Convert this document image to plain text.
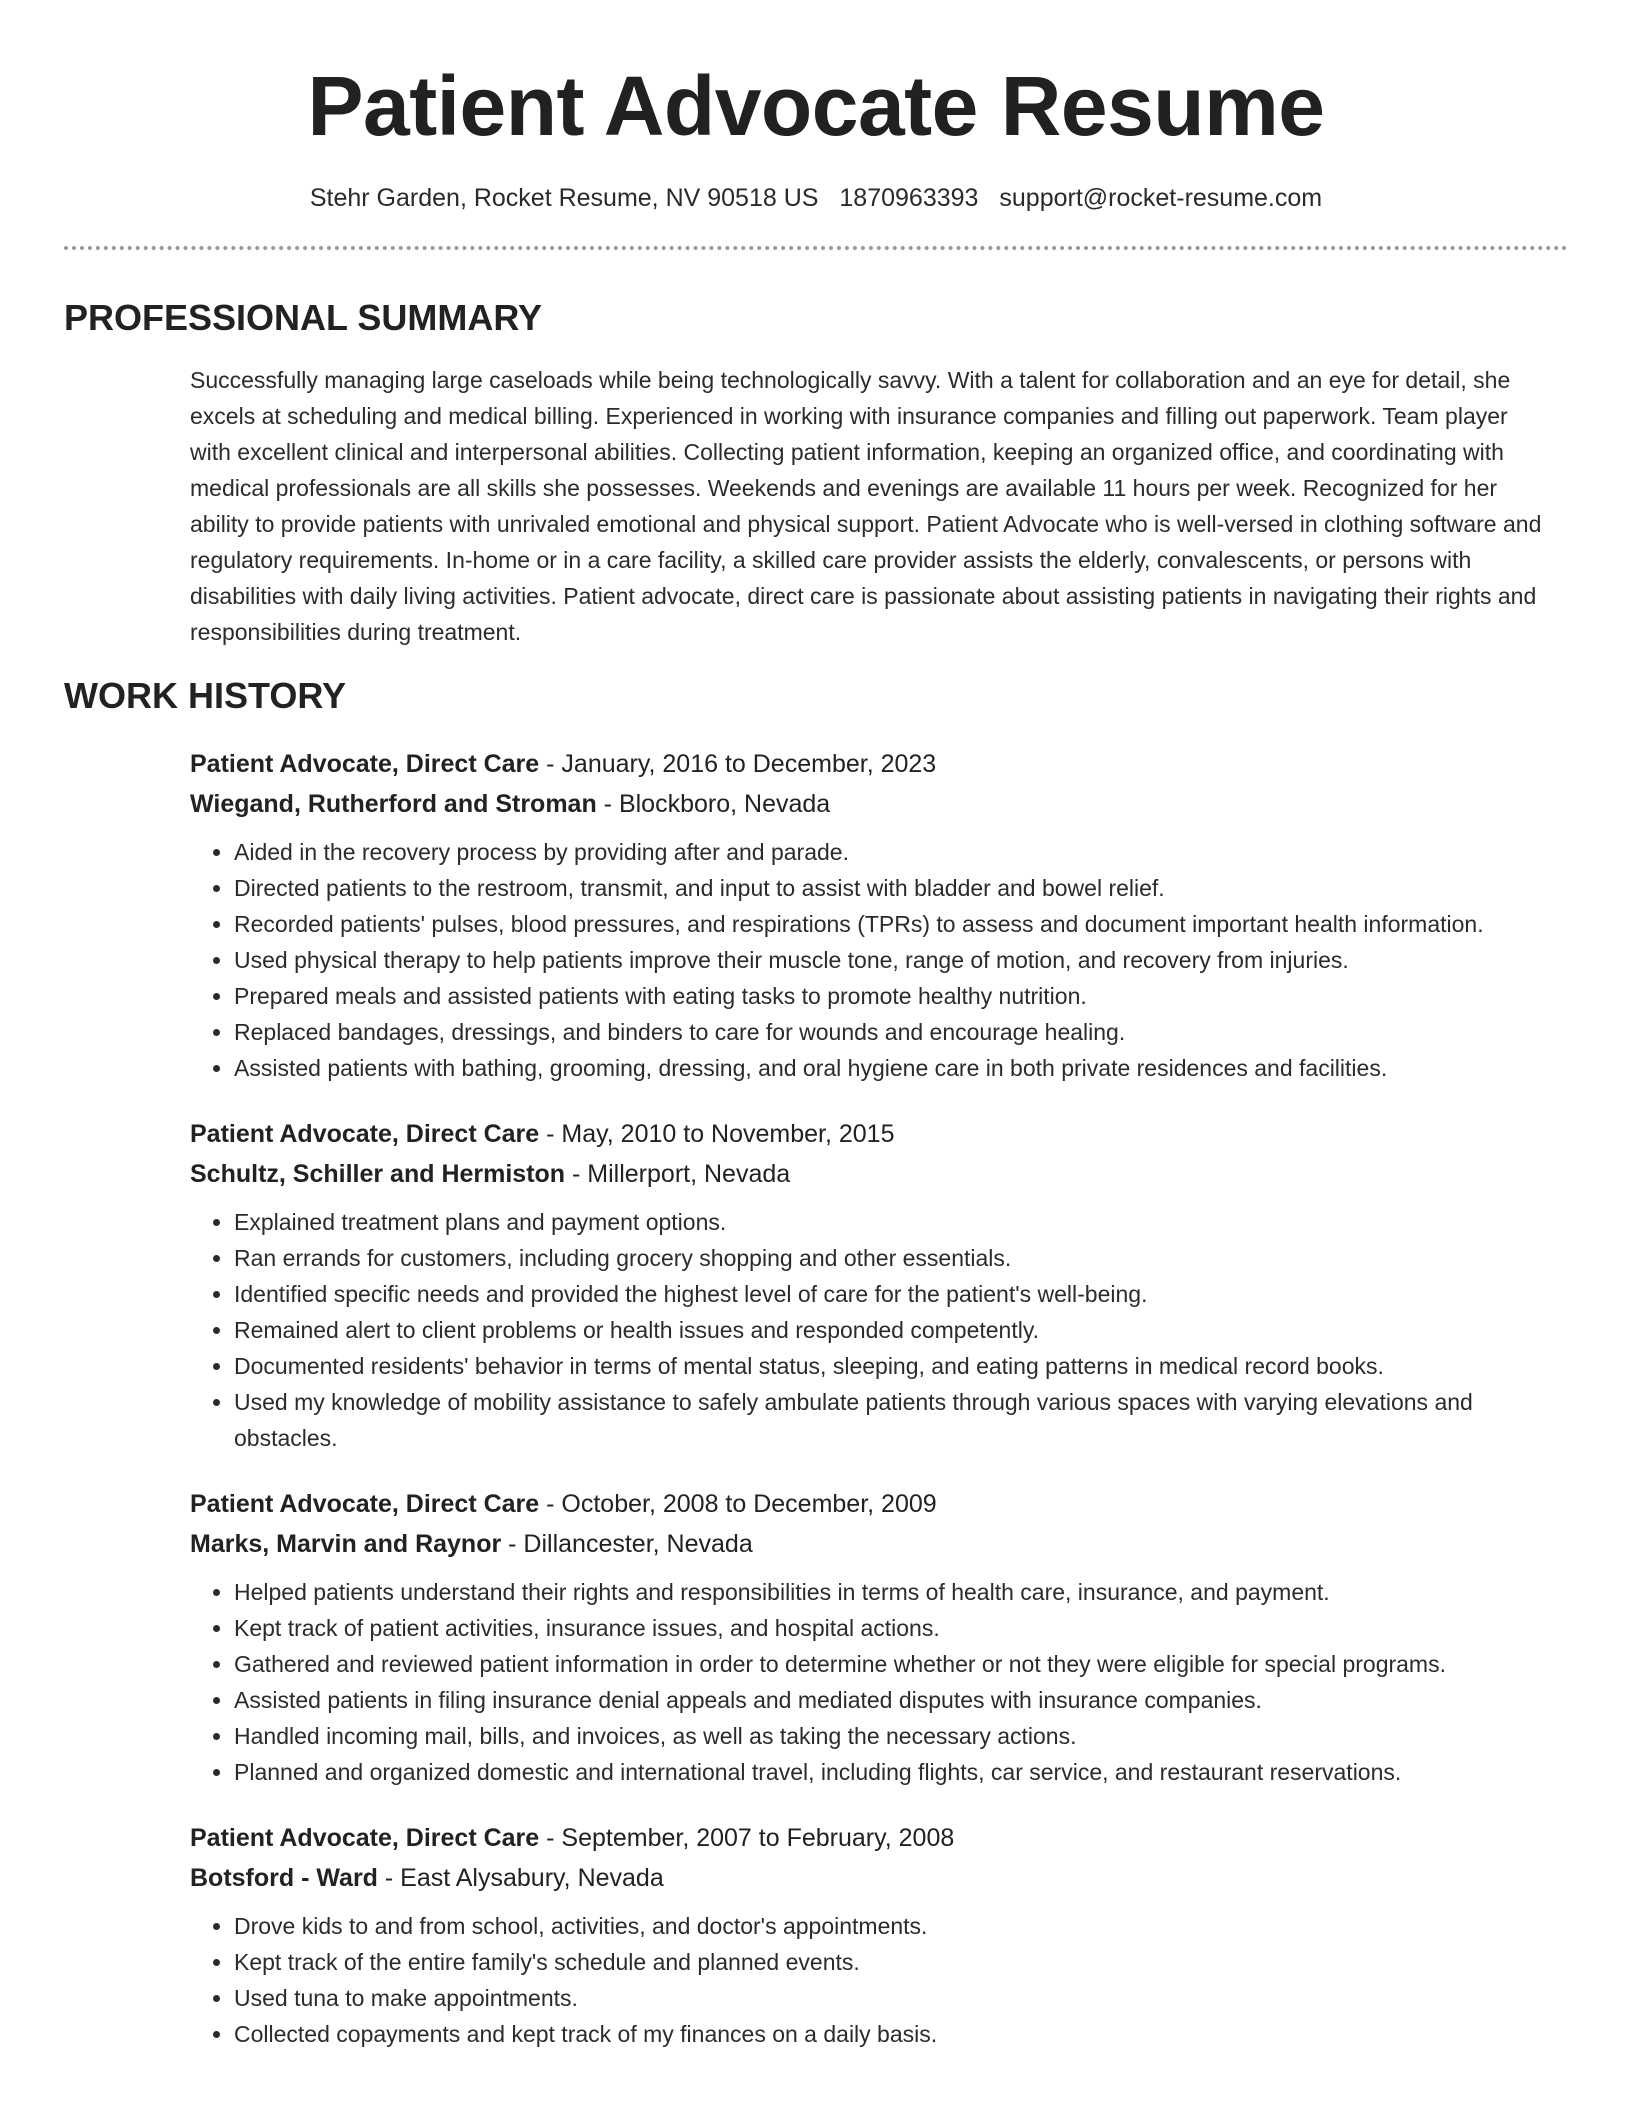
Patient Advocate Resume
Stehr Garden, Rocket Resume, NV 90518 US 1870963393 support@rocket-resume.com
PROFESSIONAL SUMMARY

Successfully managing large caseloads while being technologically savvy. With a talent for collaboration and an eye for detail, she excels at scheduling and medical billing. Experienced in working with insurance companies and filling out paperwork. Team player with excellent clinical and interpersonal abilities. Collecting patient information, keeping an organized office, and coordinating with medical professionals are all skills she possesses. Weekends and evenings are available 11 hours per week. Recognized for her ability to provide patients with unrivaled emotional and physical support. Patient Advocate who is well-versed in clothing software and regulatory requirements. In-home or in a care facility, a skilled care provider assists the elderly, convalescents, or persons with disabilities with daily living activities. Patient advocate, direct care is passionate about assisting patients in navigating their rights and responsibilities during treatment.

WORK HISTORY
Patient Advocate, Direct Care - January, 2016 to December, 2023
Wiegand, Rutherford and Stroman - Blockboro, Nevada
• Aided in the recovery process by providing after and parade.
• Directed patients to the restroom, transmit, and input to assist with bladder and bowel relief.
• Recorded patients' pulses, blood pressures, and respirations (TPRs) to assess and document important health information.
• Used physical therapy to help patients improve their muscle tone, range of motion, and recovery from injuries.
• Prepared meals and assisted patients with eating tasks to promote healthy nutrition.
• Replaced bandages, dressings, and binders to care for wounds and encourage healing.
• Assisted patients with bathing, grooming, dressing, and oral hygiene care in both private residences and facilities.
Patient Advocate, Direct Care - May, 2010 to November, 2015
Schultz, Schiller and Hermiston - Millerport, Nevada
• Explained treatment plans and payment options.
• Ran errands for customers, including grocery shopping and other essentials.
• Identified specific needs and provided the highest level of care for the patient's well-being.
• Remained alert to client problems or health issues and responded competently.
• Documented residents' behavior in terms of mental status, sleeping, and eating patterns in medical record books.
• Used my knowledge of mobility assistance to safely ambulate patients through various spaces with varying elevations and obstacles.
Patient Advocate, Direct Care - October, 2008 to December, 2009
Marks, Marvin and Raynor - Dillancester, Nevada
• Helped patients understand their rights and responsibilities in terms of health care, insurance, and payment.
• Kept track of patient activities, insurance issues, and hospital actions.
• Gathered and reviewed patient information in order to determine whether or not they were eligible for special programs.
• Assisted patients in filing insurance denial appeals and mediated disputes with insurance companies.
• Handled incoming mail, bills, and invoices, as well as taking the necessary actions.
• Planned and organized domestic and international travel, including flights, car service, and restaurant reservations.
Patient Advocate, Direct Care - September, 2007 to February, 2008
Botsford - Ward - East Alysabury, Nevada
• Drove kids to and from school, activities, and doctor's appointments.
• Kept track of the entire family's schedule and planned events.
• Used tuna to make appointments.
• Collected copayments and kept track of my finances on a daily basis.
